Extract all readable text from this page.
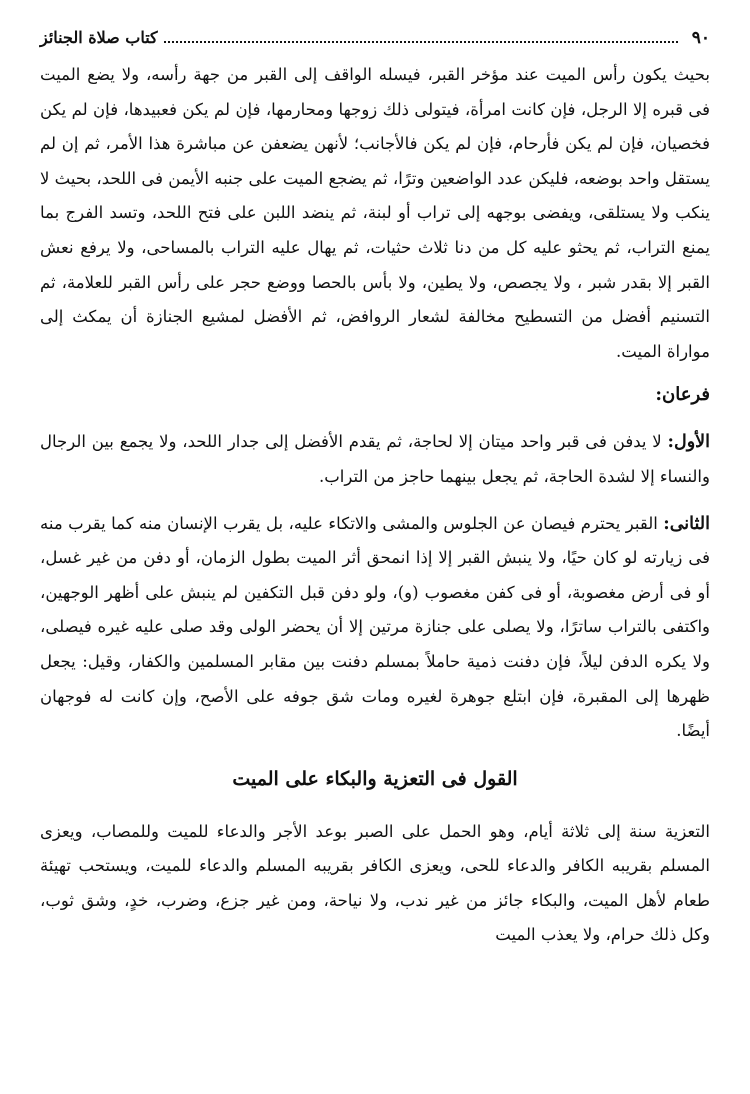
٩٠
كتاب صلاة الجنائز

بحيث يكون رأس الميت عند مؤخر القبر، فيسله الواقف إلى القبر من جهة رأسه، ولا يضع الميت فى قبره إلا الرجل، فإن كانت امرأة، فيتولى ذلك زوجها ومحارمها، فإن لم يكن فعبيدها، فإن لم يكن فخصيان، فإن لم يكن فأرحام، فإن لم يكن فالأجانب؛ لأنهن يضعفن عن مباشرة هذا الأمر، ثم إن لم يستقل واحد بوضعه، فليكن عدد الواضعين وترًا، ثم يضجع الميت على جنبه الأيمن فى اللحد، بحيث لا ينكب ولا يستلقى، ويفضى بوجهه إلى تراب أو لبنة، ثم ينضد اللبن على فتح اللحد، وتسد الفرج بما يمنع التراب، ثم يحثو عليه كل من دنا ثلاث حثيات، ثم يهال عليه التراب بالمساحى، ولا يرفع نعش القبر إلا بقدر شبر ، ولا يجصص، ولا يطين، ولا بأس بالحصا ووضع حجر على رأس القبر للعلامة، ثم التسنيم أفضل من التسطيح مخالفة لشعار الروافض، ثم الأفضل لمشيع الجنازة أن يمكث إلى مواراة الميت.

فرعان:

الأول: لا يدفن فى قبر واحد ميتان إلا لحاجة، ثم يقدم الأفضل إلى جدار اللحد، ولا يجمع بين الرجال والنساء إلا لشدة الحاجة، ثم يجعل بينهما حاجز من التراب.

الثانى: القبر يحترم فيصان عن الجلوس والمشى والاتكاء عليه، بل يقرب الإنسان منه كما يقرب منه فى زيارته لو كان حيًا، ولا ينبش القبر إلا إذا انمحق أثر الميت بطول الزمان، أو دفن من غير غسل، أو فى أرض مغصوبة، أو فى كفن مغصوب (و)، ولو دفن قبل التكفين لم ينبش على أظهر الوجهين، واكتفى بالتراب ساترًا، ولا يصلى على جنازة مرتين إلا أن يحضر الولى وقد صلى عليه غيره فيصلى، ولا يكره الدفن ليلاً، فإن دفنت ذمية حاملاً بمسلم دفنت بين مقابر المسلمين والكفار، وقيل: يجعل ظهرها إلى المقبرة، فإن ابتلع جوهرة لغيره ومات شق جوفه على الأصح، وإن كانت له فوجهان أيضًا.

القول فى التعزية والبكاء على الميت

التعزية سنة إلى ثلاثة أيام، وهو الحمل على الصبر بوعد الأجر والدعاء للميت وللمصاب، ويعزى المسلم بقريبه الكافر والدعاء للحى، ويعزى الكافر بقريبه المسلم والدعاء للميت، ويستحب تهيئة طعام لأهل الميت، والبكاء جائز من غير ندب، ولا نياحة، ومن غير جزع، وضرب، خدٍ، وشق ثوب، وكل ذلك حرام، ولا يعذب الميت
